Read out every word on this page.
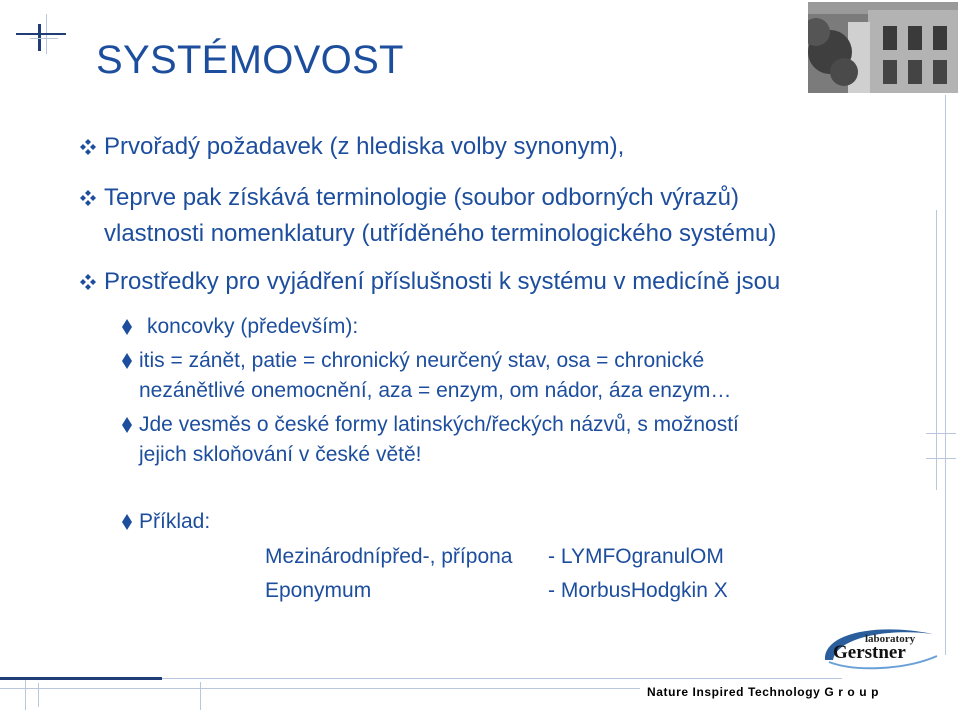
SYSTÉMOVOST
Prvořadý požadavek (z hlediska volby synonym),
Teprve pak získává terminologie (soubor odborných výrazů)
vlastnosti nomenklatury (utříděného terminologického systému)
Prostředky pro vyjádření příslušnosti k systému v medicíně jsou
koncovky (především):
itis = zánět, patie = chronický neurčený stav, osa = chronické
nezánětlivé onemocnění, aza = enzym, om nádor, áza enzym…
Jde vesměs o české formy latinských/řeckých názvů, s možností
jejich skloňování v české větě!
Příklad:
Mezinárodnípřed-, přípona - LYMFOgranulOM
Eponymum	- MorbusHodgkin X
laboratory
Gerstner
Nature Inspired Technology G r o u p
